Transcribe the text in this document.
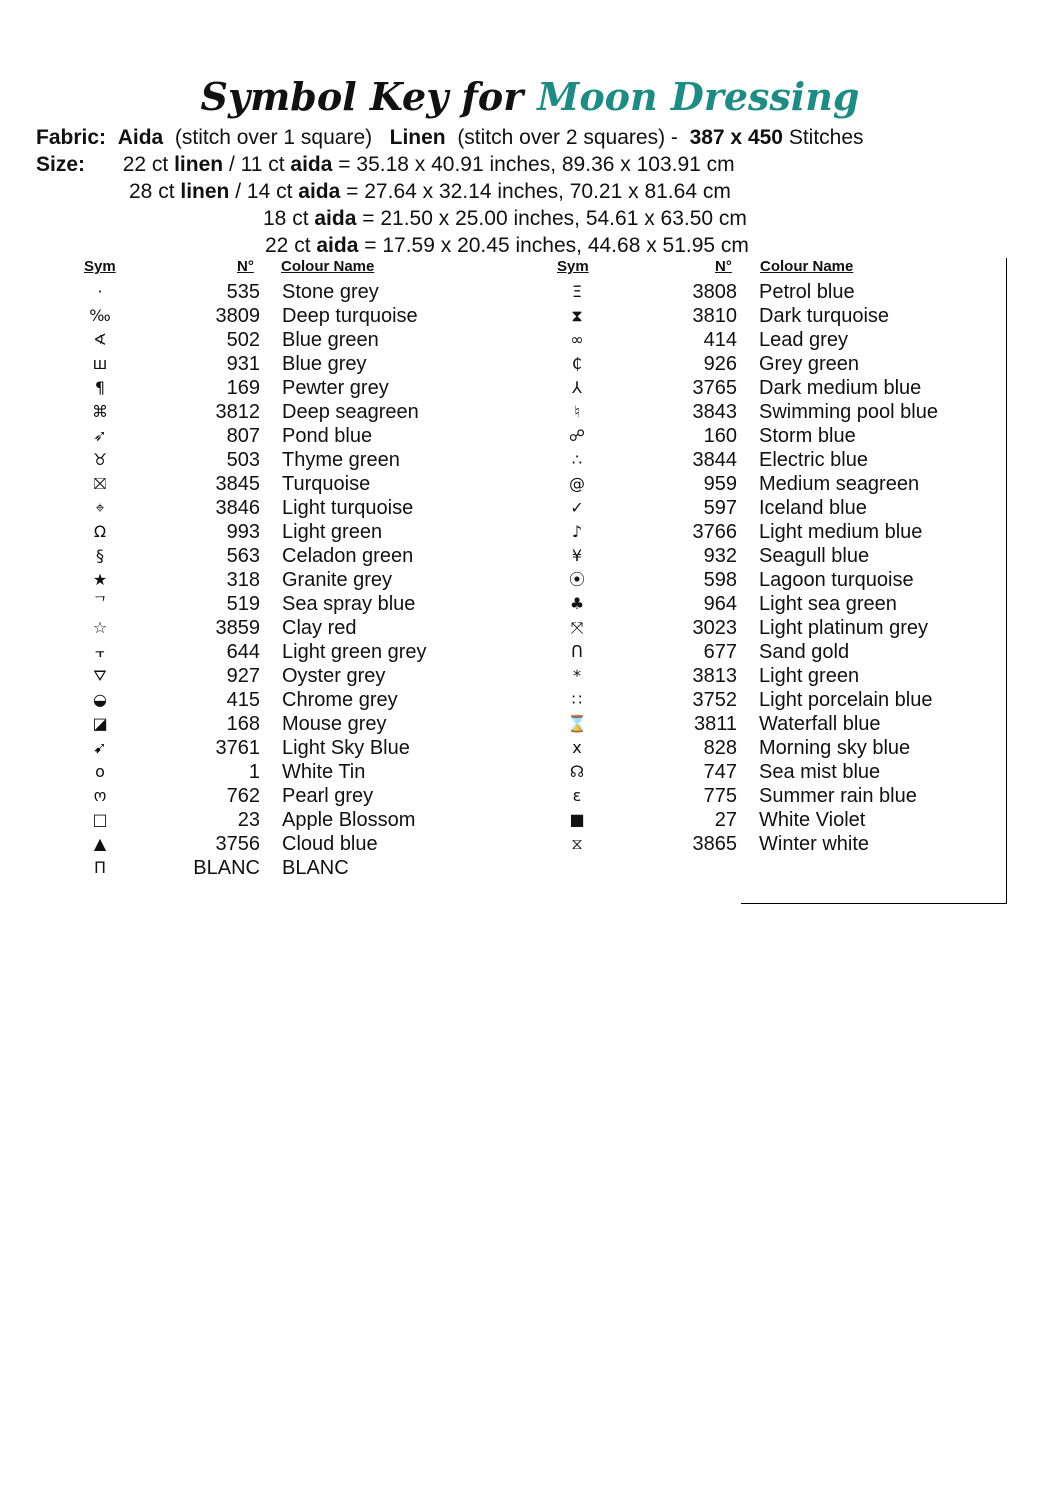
Symbol Key for Moon Dressing
Fabric: Aida (stitch over 1 square) Linen (stitch over 2 squares) - 387 x 450 Stitches
Size: 22 ct linen / 11 ct aida = 35.18 x 40.91 inches, 89.36 x 103.91 cm
28 ct linen / 14 ct aida = 27.64 x 32.14 inches, 70.21 x 81.64 cm
18 ct aida = 21.50 x 25.00 inches, 54.61 x 63.50 cm
22 ct aida = 17.59 x 20.45 inches, 44.68 x 51.95 cm
Sym	N° Colour Name
·	535 Stone grey
‰	3809 Deep turquoise
∢	502 Blue green
ш	931 Blue grey
¶	169 Pewter grey
⌘	3812 Deep seagreen
➶	807 Pond blue
♉	503 Thyme green
⛝	3845 Turquoise
⌖	3846 Light turquoise
Ω	993 Light green
§	563 Celadon green
★	318 Granite grey
ᄀ	519 Sea spray blue
☆	3859 Clay red
⫟	644 Light green grey
⛛	927 Oyster grey
◒	415 Chrome grey
◪	168 Mouse grey
➹	3761 Light Sky Blue
o	1 White Tin
ო	762 Pearl grey
□	23 Apple Blossom
▲	3756 Cloud blue
Π	BLANC BLANC
Sym	N° Colour Name
Ξ	3808 Petrol blue
⧗	3810 Dark turquoise
∞	414 Lead grey
₵	926 Grey green
⅄	3765 Dark medium blue
♮	3843 Swimming pool blue
☍	160 Storm blue
∴	3844 Electric blue
@	959 Medium seagreen
✓	597 Iceland blue
♪	3766 Light medium blue
¥	932 Seagull blue
⦿	598 Lagoon turquoise
♣	964 Light sea green
⤧	3023 Light platinum grey
ᑎ	677 Sand gold
*	3813 Light green
∷	3752 Light porcelain blue
⌛	3811 Waterfall blue
x	828 Morning sky blue
☊	747 Sea mist blue
ɛ	775 Summer rain blue
■	27 White Violet
⧖	3865 Winter white
